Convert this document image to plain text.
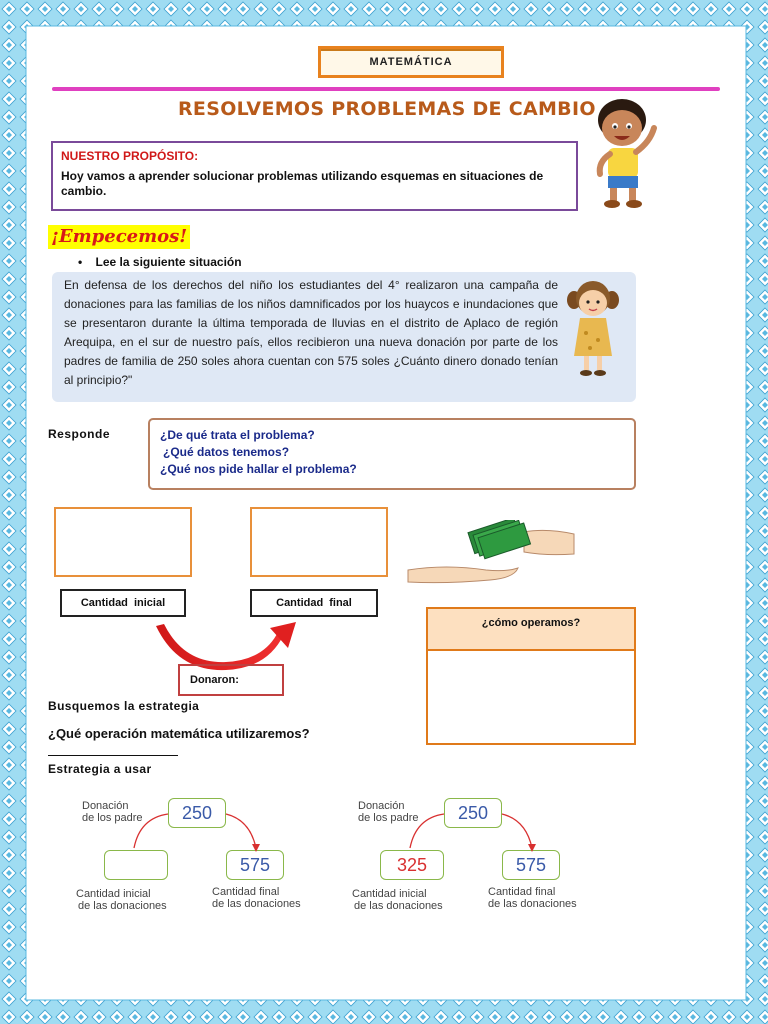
MATEMÁTICA
RESOLVEMOS PROBLEMAS DE CAMBIO
NUESTRO PROPÓSITO:
Hoy vamos a aprender solucionar problemas utilizando esquemas en situaciones de cambio.
¡Empecemos!
• Lee la siguiente situación
En defensa de los derechos del niño los estudiantes del 4° realizaron una campaña de donaciones para las familias de los niños damnificados por los huaycos e inundaciones que se presentaron durante la última temporada de lluvias en el distrito de Aplaco de región Arequipa, en el sur de nuestro país, ellos recibieron una nueva donación por parte de los padres de familia de 250 soles ahora cuentan con 575 soles ¿Cuánto dinero donado tenían al principio?"
Responde	¿De qué trata el problema?
¿Qué datos tenemos?
¿Qué nos pide hallar el problema?
Cantidad inicial	Cantidad final
Donaron:
¿cómo operamos?
Busquemos la estrategia
¿Qué operación matemática utilizaremos?
Estrategia a usar
Donación
de los padre	250
575
Cantidad inicial
de las donaciones
Cantidad final
de las donaciones
Donación
de los padre	250
325	575
Cantidad inicial
de las donaciones
Cantidad final
de las donaciones
